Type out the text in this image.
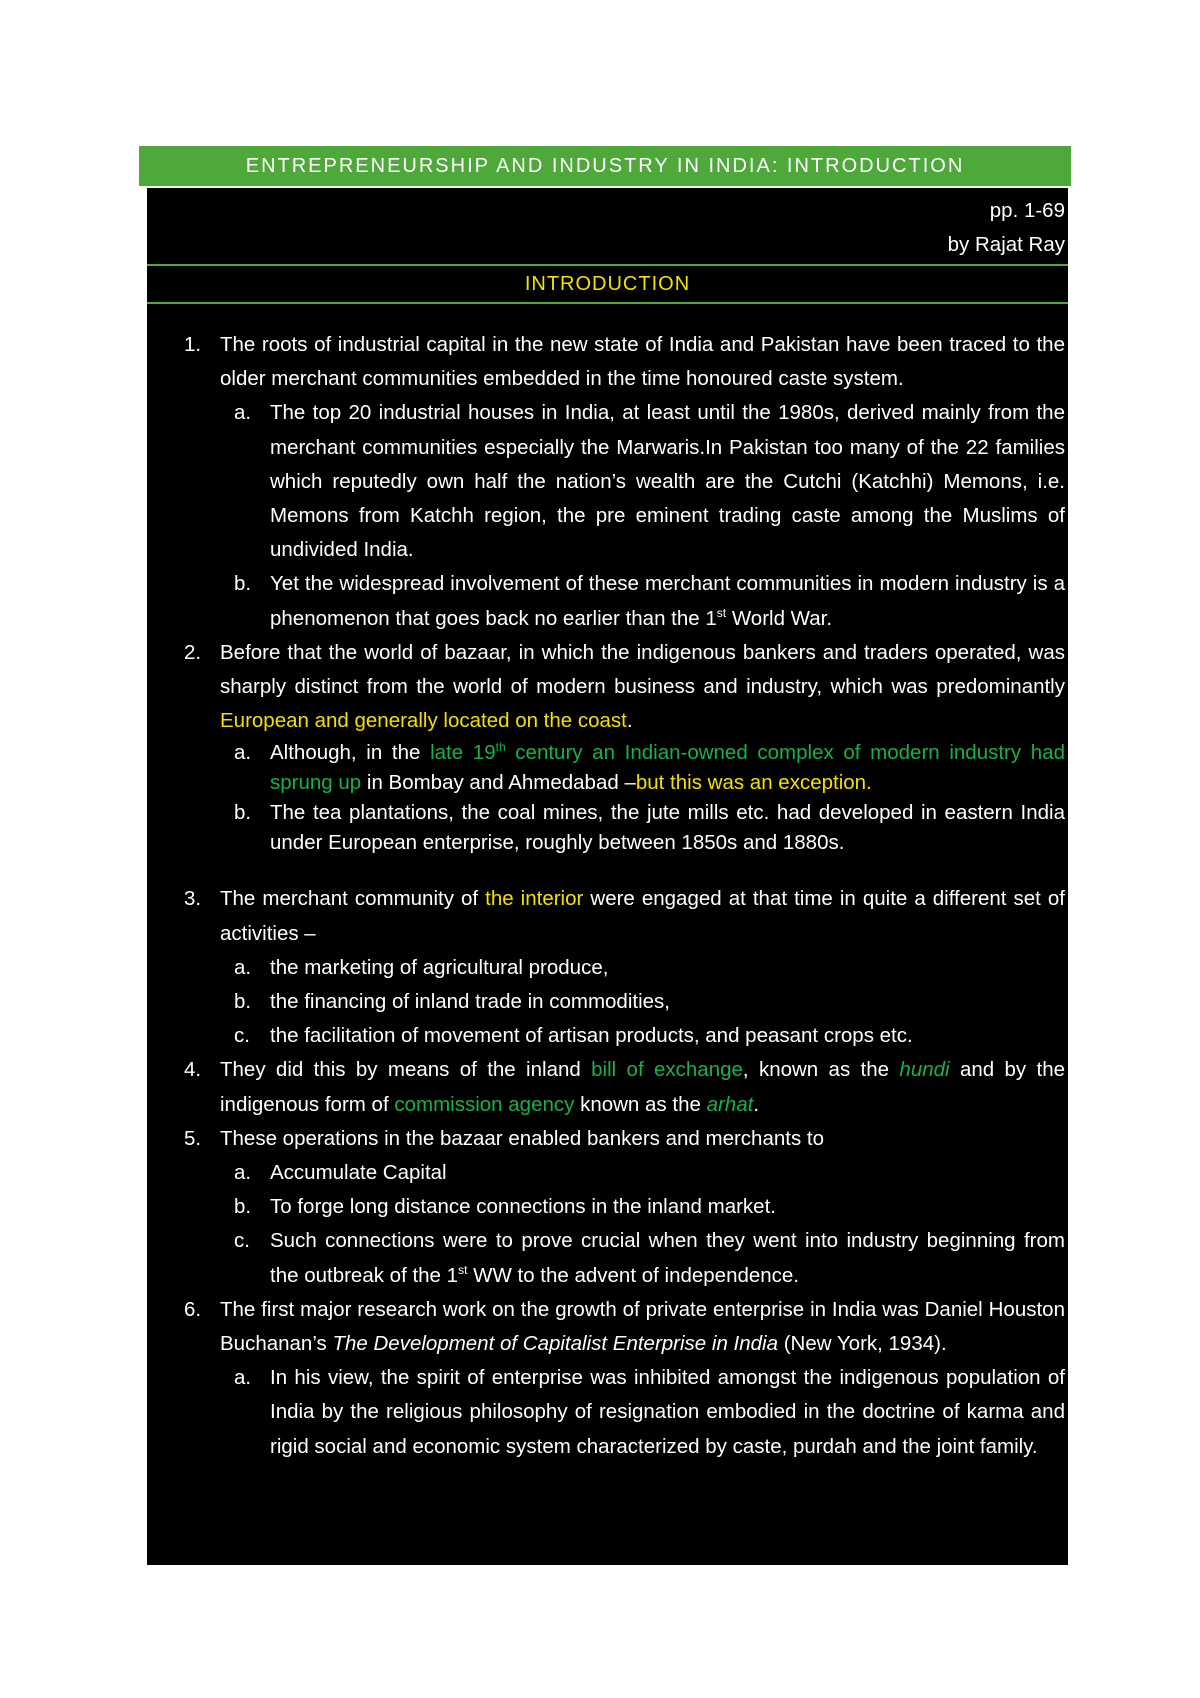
ENTREPRENEURSHIP AND INDUSTRY IN INDIA: INTRODUCTION
pp. 1-69
by Rajat Ray
INTRODUCTION
1. The roots of industrial capital in the new state of India and Pakistan have been traced to the older merchant communities embedded in the time honoured caste system.
a. The top 20 industrial houses in India, at least until the 1980s, derived mainly from the merchant communities especially the Marwaris.In Pakistan too many of the 22 families which reputedly own half the nation’s wealth are the Cutchi (Katchhi) Memons, i.e. Memons from Katchh region, the pre eminent trading caste among the Muslims of undivided India.
b. Yet the widespread involvement of these merchant communities in modern industry is a phenomenon that goes back no earlier than the 1st World War.
2. Before that the world of bazaar, in which the indigenous bankers and traders operated, was sharply distinct from the world of modern business and industry, which was predominantly European and generally located on the coast.
a. Although, in the late 19th century an Indian-owned complex of modern industry had sprung up in Bombay and Ahmedabad –but this was an exception.
b. The tea plantations, the coal mines, the jute mills etc. had developed in eastern India under European enterprise, roughly between 1850s and 1880s.
3. The merchant community of the interior were engaged at that time in quite a different set of activities –
a. the marketing of agricultural produce,
b. the financing of inland trade in commodities,
c. the facilitation of movement of artisan products, and peasant crops etc.
4. They did this by means of the inland bill of exchange, known as the hundi and by the indigenous form of commission agency known as the arhat.
5. These operations in the bazaar enabled bankers and merchants to
a. Accumulate Capital
b. To forge long distance connections in the inland market.
c. Such connections were to prove crucial when they went into industry beginning from the outbreak of the 1st WW to the advent of independence.
6. The first major research work on the growth of private enterprise in India was Daniel Houston Buchanan’s The Development of Capitalist Enterprise in India (New York, 1934).
a. In his view, the spirit of enterprise was inhibited amongst the indigenous population of India by the religious philosophy of resignation embodied in the doctrine of karma and rigid social and economic system characterized by caste, purdah and the joint family.
